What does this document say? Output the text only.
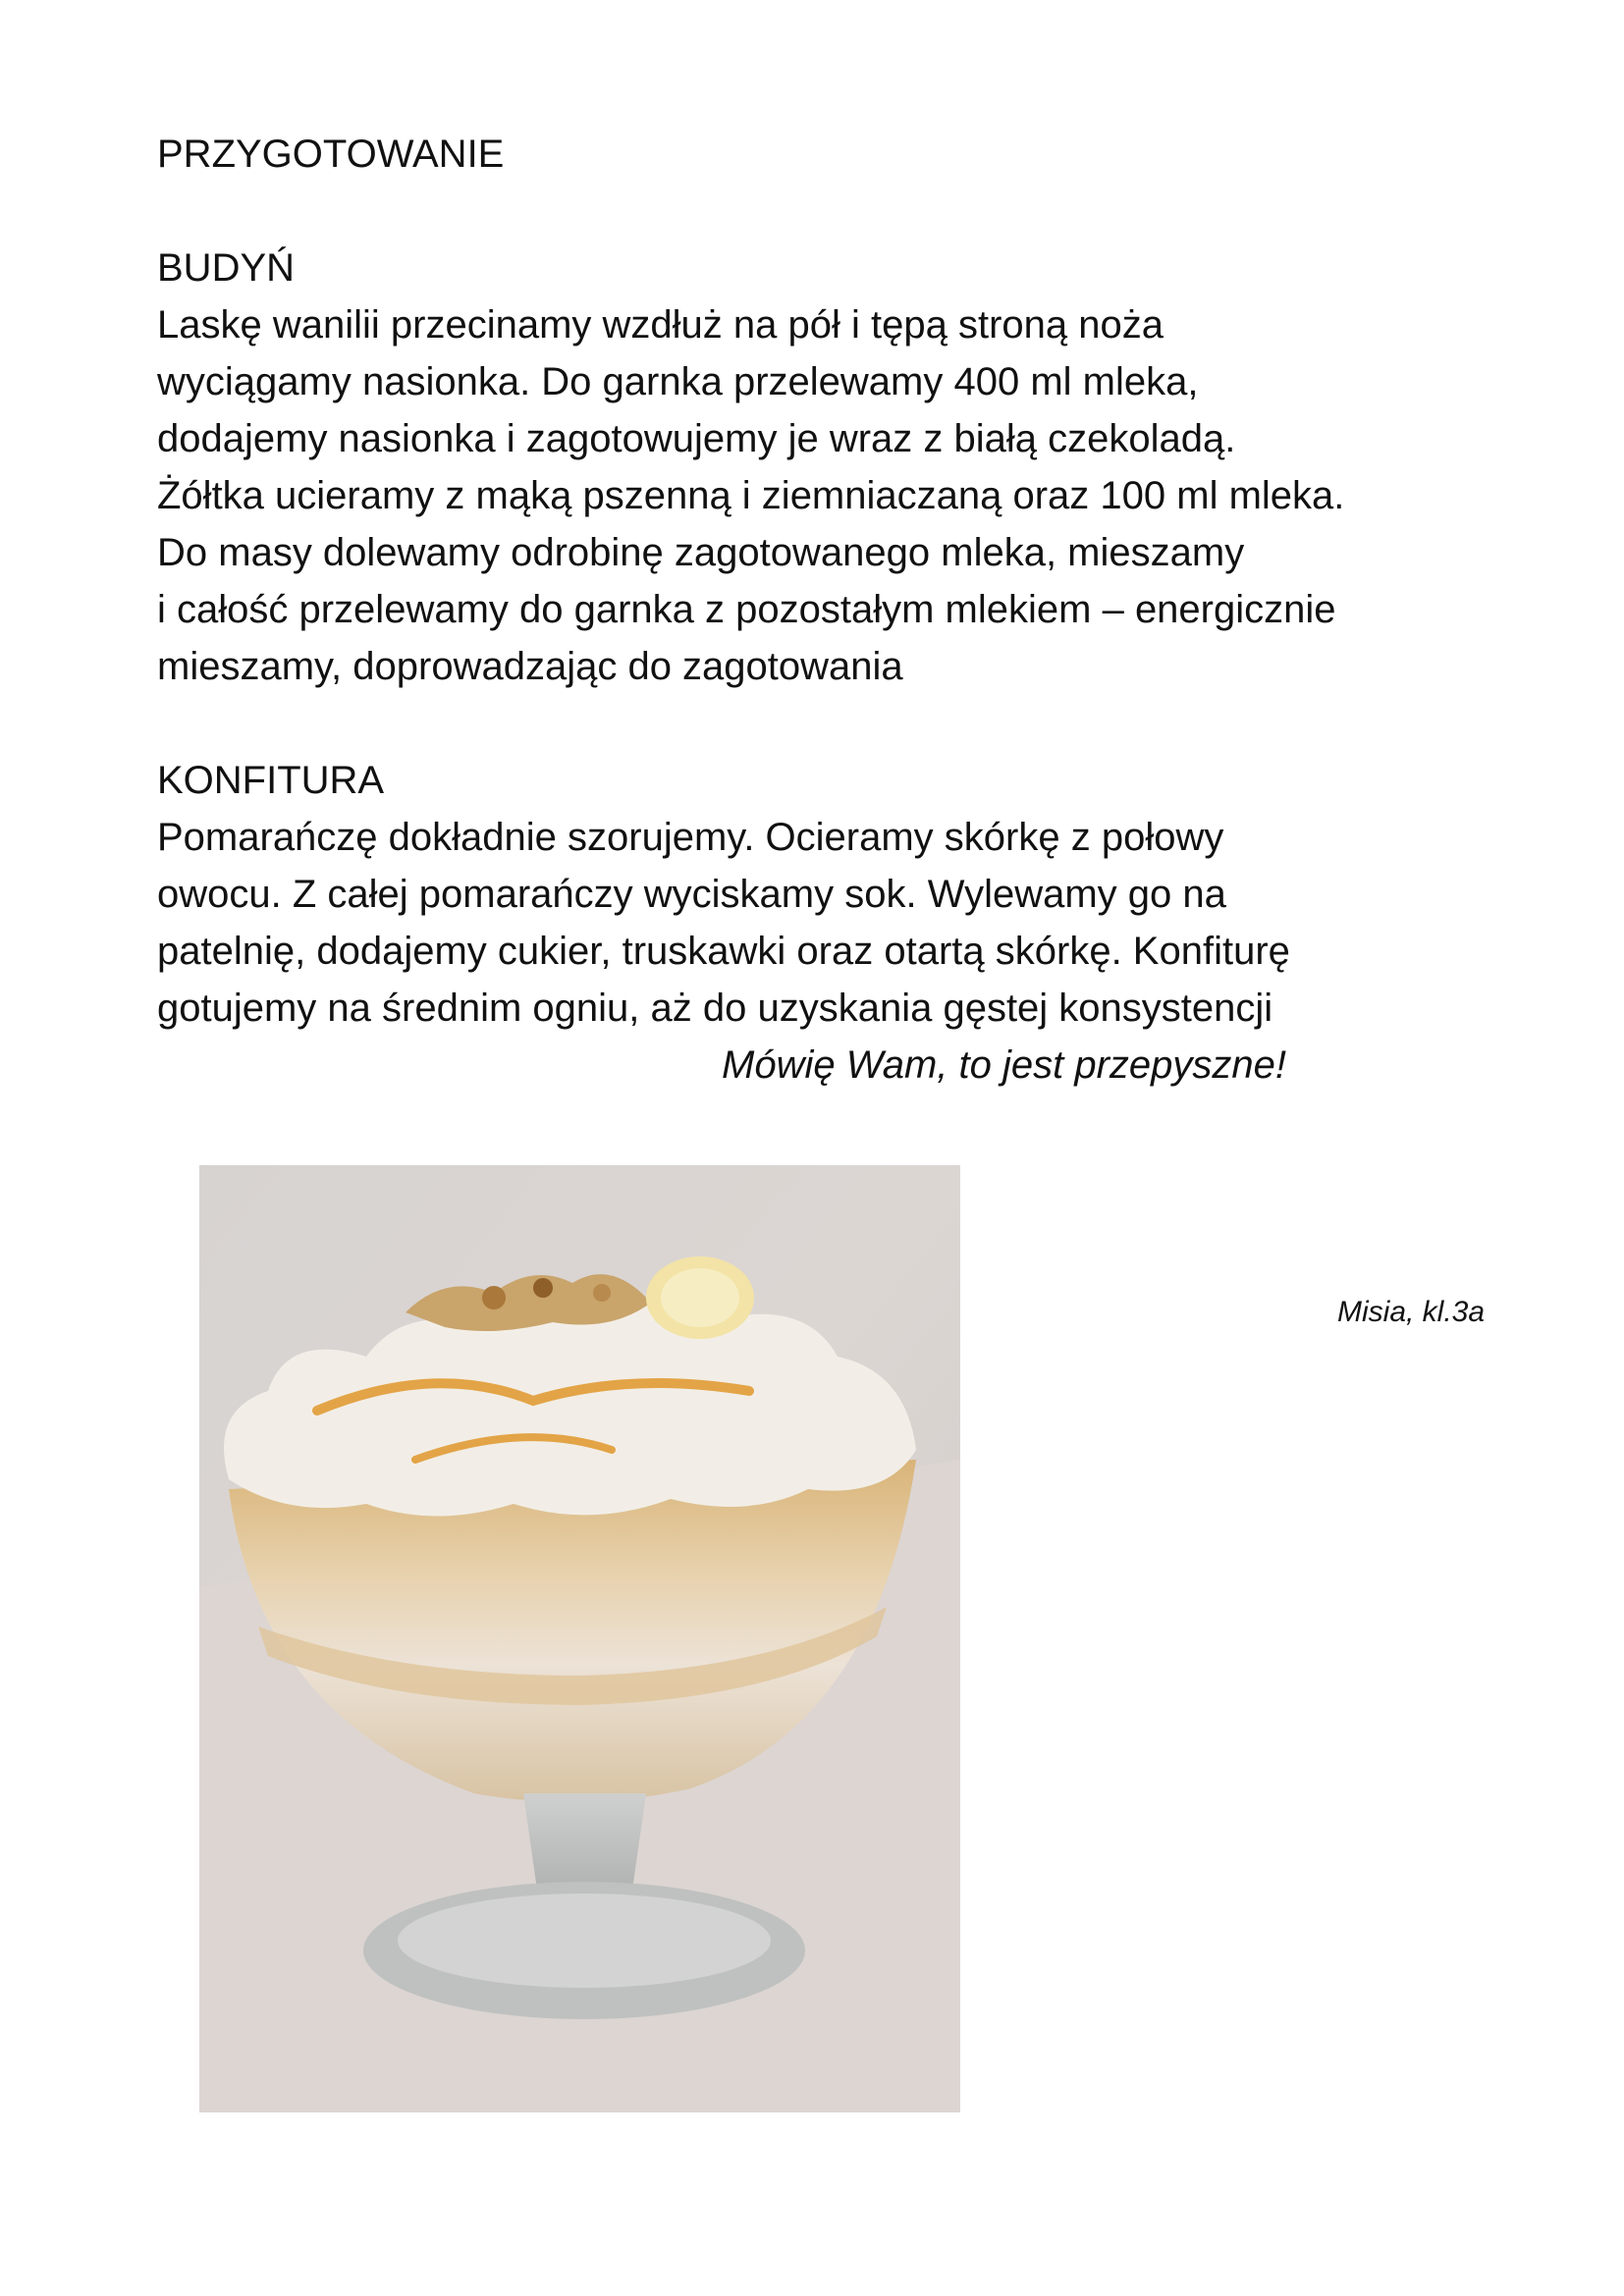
PRZYGOTOWANIE

BUDYŃ

Laskę wanilii przecinamy wzdłuż na pół i tępą stroną noża

wyciągamy nasionka. Do garnka przelewamy 400 ml mleka,

dodajemy nasionka i zagotowujemy je wraz z białą czekoladą.

Żółtka ucieramy z mąką pszenną i ziemniaczaną oraz 100 ml mleka.

Do masy dolewamy odrobinę zagotowanego mleka, mieszamy

i całość przelewamy do garnka z pozostałym mlekiem – energicznie

mieszamy, doprowadzając do zagotowania

KONFITURA

Pomarańczę dokładnie szorujemy. Ocieramy skórkę z połowy

owocu. Z całej pomarańczy wyciskamy sok. Wylewamy go na

patelnię, dodajemy cukier, truskawki oraz otartą skórkę. Konfiturę

gotujemy na średnim ogniu, aż do uzyskania gęstej konsystencji

Mówię Wam, to jest przepyszne!

Misia, kl.3a
